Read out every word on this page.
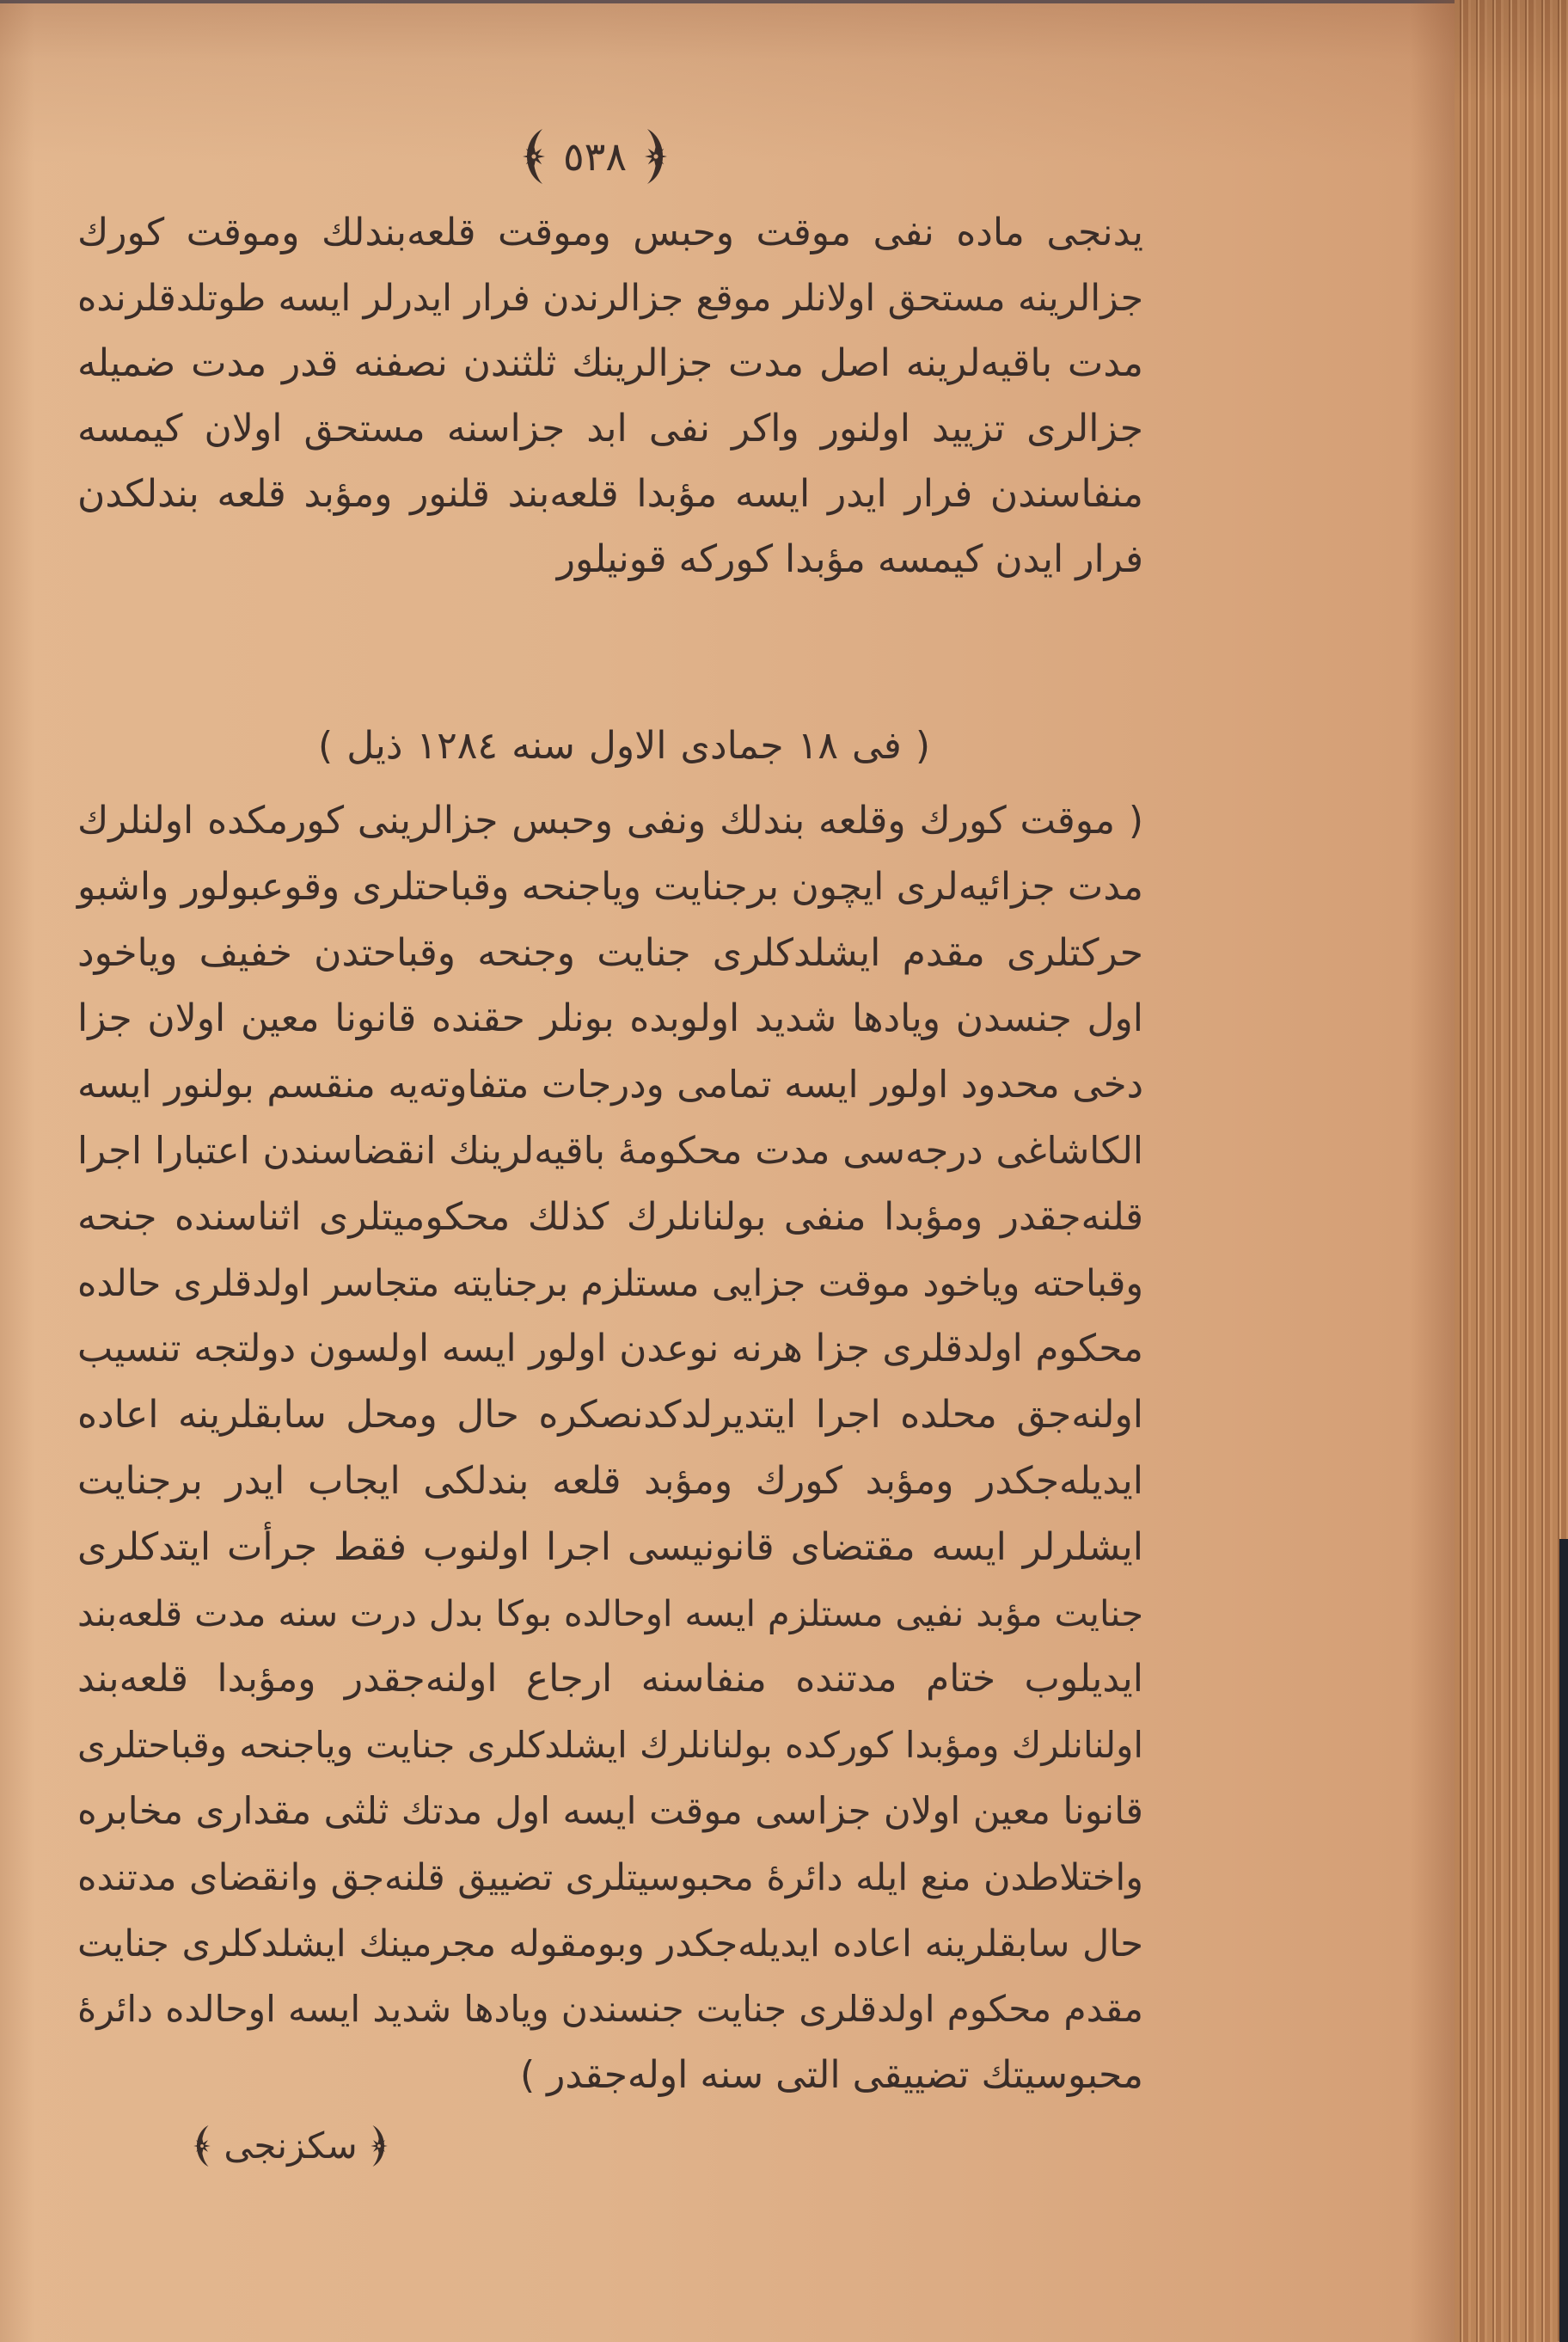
٥٣٨
يدنجى ماده نفى موقت وحبس وموقت قلعه‌بندلك وموقت كورك
جزالرينه مستحق اولانلر موقع جزالرندن فرار ايدرلر ايسه طوتلدقلرنده
مدت باقيه‌لرينه اصل مدت جزالرينك ثلثندن نصفنه قدر مدت ضميله
جزالرى تزييد اولنور واكر نفى ابد جزاسنه مستحق اولان كيمسه
منفاسندن فرار ايدر ايسه مؤبدا قلعه‌بند قلنور ومؤبد قلعه بندلكدن
فرار ايدن كيمسه مؤبدا كوركه قونيلور
( فى ١٨ جمادى الاول سنه ١٢٨٤ ذيل )
( موقت كورك وقلعه بندلك ونفى وحبس جزالرينى كورمكده اولنلرك
مدت جزائيه‌لرى ايچون برجنايت وياجنحه وقباحتلرى وقوعبولور واشبو
حركتلرى مقدم ايشلدكلرى جنايت وجنحه وقباحتدن خفيف وياخود
اول جنسدن ويادها شديد اولوبده بونلر حقنده قانونا معين اولان جزا
دخى محدود اولور ايسه تمامى ودرجات متفاوته‌يه منقسم بولنور ايسه
الكاشاغى درجه‌سى مدت محكومهٔ باقيه‌لرينك انقضاسندن اعتبارا اجرا
قلنه‌جقدر ومؤبدا منفى بولنانلرك كذلك محكوميتلرى اثناسنده جنحه
وقباحته وياخود موقت جزايى مستلزم برجنايته متجاسر اولدقلرى حالده
محكوم اولدقلرى جزا هرنه نوعدن اولور ايسه اولسون دولتجه تنسيب
اولنه‌جق محلده اجرا ايتديرلدكدنصكره حال ومحل سابقلرينه اعاده
ايديله‌جكدر ومؤبد كورك ومؤبد قلعه بندلكى ايجاب ايدر برجنايت
ايشلرلر ايسه مقتضاى قانونيسى اجرا اولنوب فقط جرأت ايتدكلرى
جنايت مؤبد نفيى مستلزم ايسه اوحالده بوكا بدل درت سنه مدت قلعه‌بند
ايديلوب ختام مدتنده منفاسنه ارجاع اولنه‌جقدر ومؤبدا قلعه‌بند
اولنانلرك ومؤبدا كوركده بولنانلرك ايشلدكلرى جنايت وياجنحه وقباحتلرى
قانونا معين اولان جزاسى موقت ايسه اول مدتك ثلثى مقدارى مخابره
واختلاطدن منع ايله دائرهٔ محبوسيتلرى تضييق قلنه‌جق وانقضاى مدتنده
حال سابقلرينه اعاده ايديله‌جكدر وبومقوله مجرمينك ايشلدكلرى جنايت
مقدم محكوم اولدقلرى جنايت جنسندن ويادها شديد ايسه اوحالده دائرهٔ
محبوسيتك تضييقى التى سنه اوله‌جقدر )
سكزنجى
